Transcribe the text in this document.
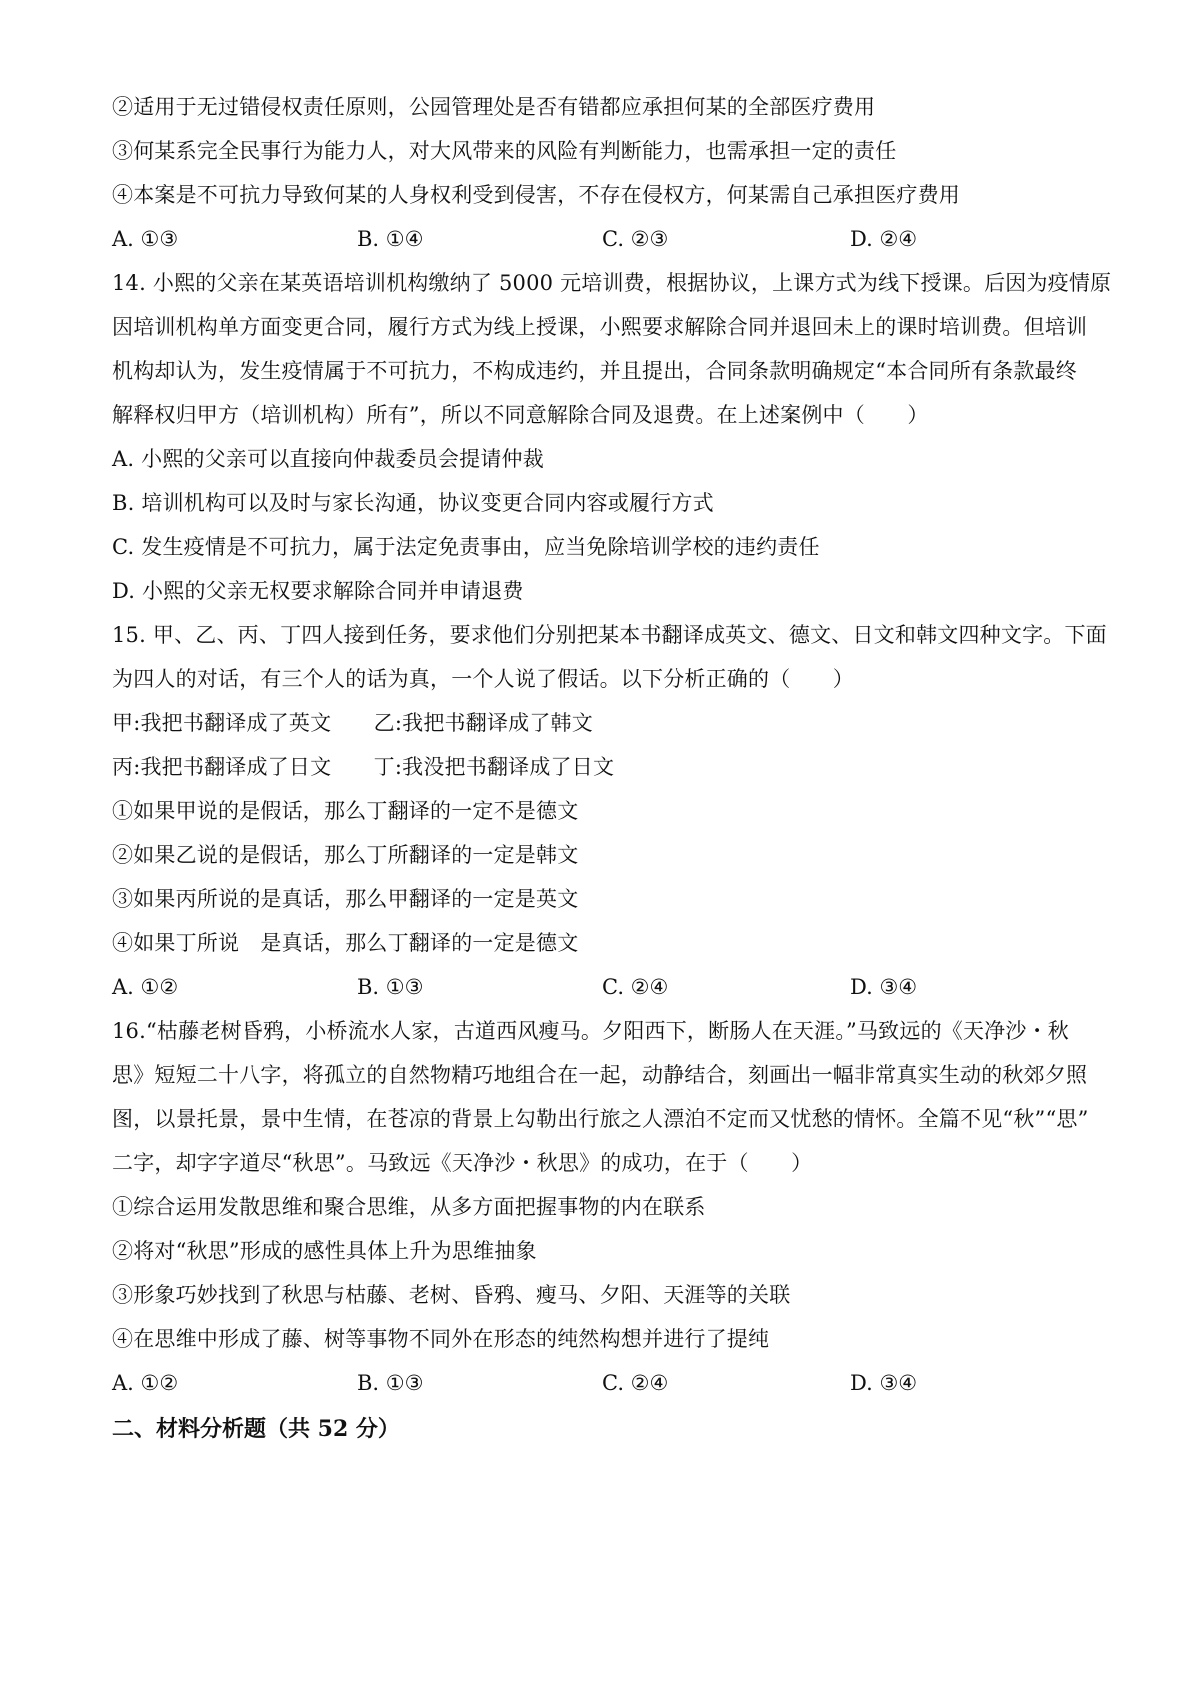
②适用于无过错侵权责任原则，公园管理处是否有错都应承担何某的全部医疗费用
③何某系完全民事行为能力人，对大风带来的风险有判断能力，也需承担一定的责任
④本案是不可抗力导致何某的人身权利受到侵害，不存在侵权方，何某需自己承担医疗费用
A. ①③	B. ①④	C. ②③	D. ②④
14. 小熙的父亲在某英语培训机构缴纳了 5000 元培训费，根据协议，上课方式为线下授课。后因为疫情原
因培训机构单方面变更合同，履行方式为线上授课，小熙要求解除合同并退回未上的课时培训费。但培训
机构却认为，发生疫情属于不可抗力，不构成违约，并且提出，合同条款明确规定“本合同所有条款最终
解释权归甲方（培训机构）所有”，所以不同意解除合同及退费。在上述案例中（　　）
A. 小熙的父亲可以直接向仲裁委员会提请仲裁
B. 培训机构可以及时与家长沟通，协议变更合同内容或履行方式
C. 发生疫情是不可抗力，属于法定免责事由，应当免除培训学校的违约责任
D. 小熙的父亲无权要求解除合同并申请退费
15. 甲、乙、丙、丁四人接到任务，要求他们分别把某本书翻译成英文、德文、日文和韩文四种文字。下面
为四人的对话，有三个人的话为真，一个人说了假话。以下分析正确的（　　）
甲:我把书翻译成了英文　　乙:我把书翻译成了韩文
丙:我把书翻译成了日文　　丁:我没把书翻译成了日文
①如果甲说的是假话，那么丁翻译的一定不是德文
②如果乙说的是假话，那么丁所翻译的一定是韩文
③如果丙所说的是真话，那么甲翻译的一定是英文
④如果丁所说　是真话，那么丁翻译的一定是德文
A. ①②	B. ①③	C. ②④	D. ③④
16.“枯藤老树昏鸦，小桥流水人家，古道西风瘦马。夕阳西下，断肠人在天涯。”马致远的《天净沙・秋
思》短短二十八字，将孤立的自然物精巧地组合在一起，动静结合，刻画出一幅非常真实生动的秋郊夕照
图，以景托景，景中生情，在苍凉的背景上勾勒出行旅之人漂泊不定而又忧愁的情怀。全篇不见“秋”“思”
二字，却字字道尽“秋思”。马致远《天净沙・秋思》的成功，在于（　　）
①综合运用发散思维和聚合思维，从多方面把握事物的内在联系
②将对“秋思”形成的感性具体上升为思维抽象
③形象巧妙找到了秋思与枯藤、老树、昏鸦、瘦马、夕阳、天涯等的关联
④在思维中形成了藤、树等事物不同外在形态的纯然构想并进行了提纯
A. ①②	B. ①③	C. ②④	D. ③④
二、材料分析题（共 52 分）
